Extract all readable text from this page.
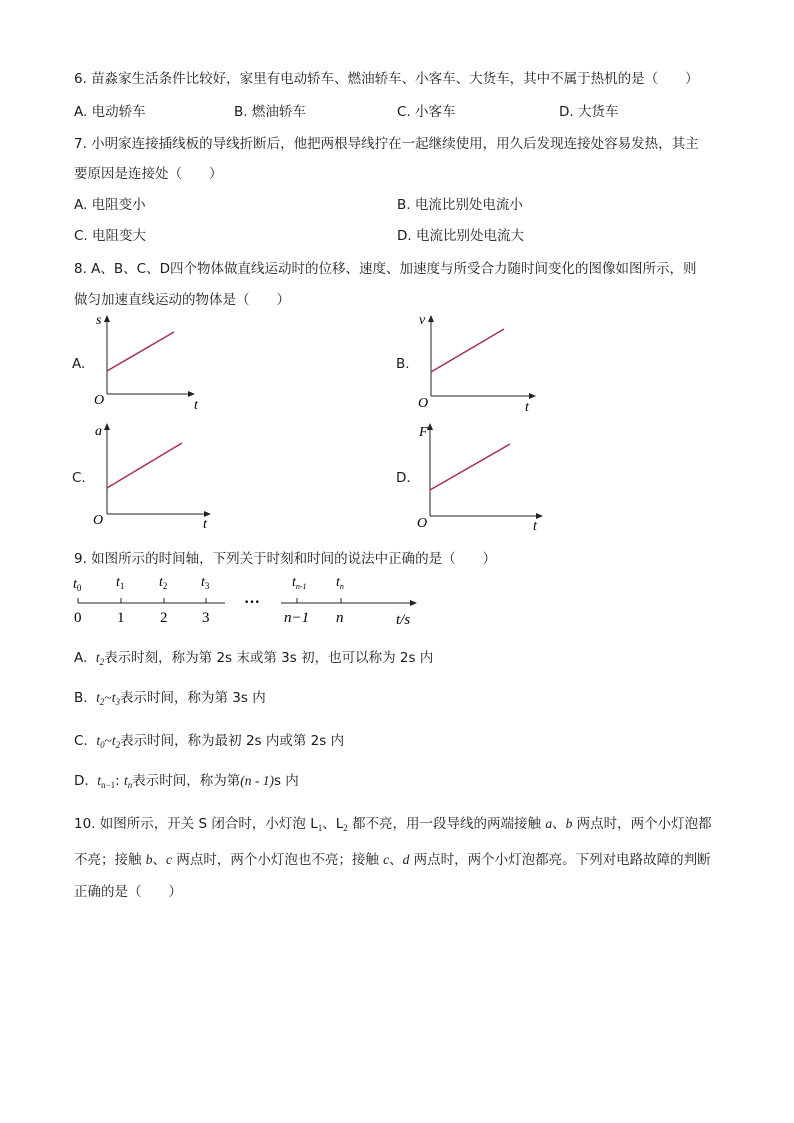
6. 苗淼家生活条件比较好，家里有电动轿车、燃油轿车、小客车、大货车，其中不属于热机的是（　　）
A. 电动轿车	B. 燃油轿车	C. 小客车	D. 大货车
7. 小明家连接插线板的导线折断后，他把两根导线拧在一起继续使用，用久后发现连接处容易发热，其主
要原因是连接处（　　）
A. 电阻变小	B. 电流比别处电流小
C. 电阻变大	D. 电流比别处电流大
8. A、B、C、D四个物体做直线运动时的位移、速度、加速度与所受合力随时间变化的图像如图所示，则
做匀加速直线运动的物体是（　　）
A.
s
t
O
B.
v
t
O
C.
a
t
O
D.
F
t
O
9. 如图所示的时间轴，下列关于时刻和时间的说法中正确的是（　　）
$t_0$ $t_1$ $t_2$ $t_3$	$t_{n-1}$ $t_n$
···
0 1 2 3	n−1 n	t/s
A. $t_2$表示时刻，称为第 2s 末或第 3s 初，也可以称为 2s 内
B. $t_2\sim t_3$表示时间，称为第 3s 内
C. $t_0\sim t_2$表示时间，称为最初 2s 内或第 2s 内
D. $t_{n-1}$: $t_n$表示时间，称为第(n - 1)s 内
10. 如图所示，开关 S 闭合时，小灯泡 $L_1$、$L_2$ 都不亮，用一段导线的两端接触 a、b 两点时，两个小灯泡都
不亮；接触 b、c 两点时，两个小灯泡也不亮；接触 c、d 两点时，两个小灯泡都亮。下列对电路故障的判断
正确的是（　　）
